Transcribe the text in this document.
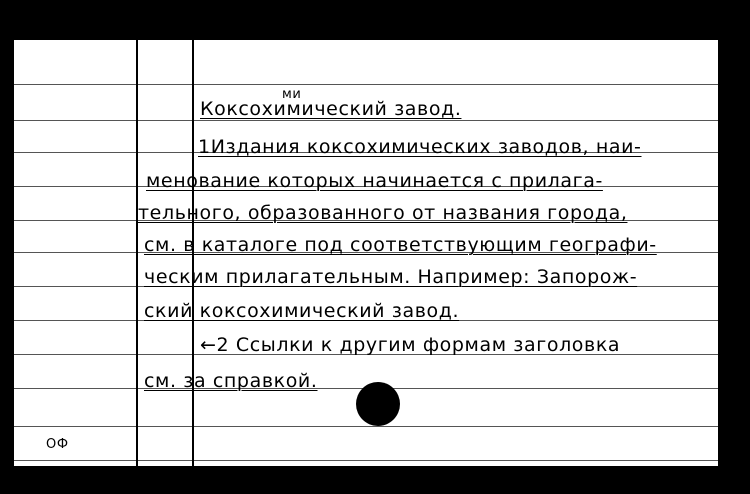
ми
Коксохимический завод.
1Издания коксохимических заводов, наи-
менование которых начинается с прилага-
тельного, образованного от названия города,
см. в каталоге под соответствующим географи-
ческим прилагательным. Например: Запорож-
ский коксохимический завод.
←2 Ссылки к другим формам заголовка
см. за справкой.
ОФ
